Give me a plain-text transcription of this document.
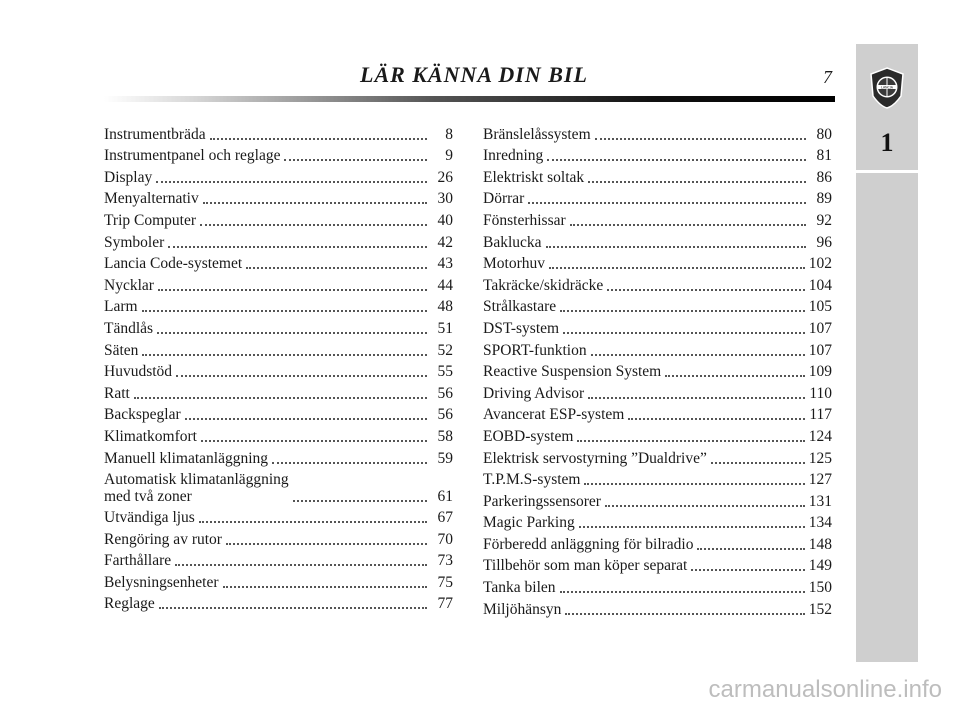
LÄR KÄNNA DIN BIL	7
LANCIA
1
Instrumentbräda	8
Instrumentpanel och reglage	9
Display	26
Menyalternativ	30
Trip Computer	40
Symboler	42
Lancia Code-systemet	43
Nycklar	44
Larm	48
Tändlås	51
Säten	52
Huvudstöd	55
Ratt	56
Backspeglar	56
Klimatkomfort	58
Manuell klimatanläggning	59
Automatisk klimatanläggning
med två zoner	61
Utvändiga ljus	67
Rengöring av rutor	70
Farthållare	73
Belysningsenheter	75
Reglage	77
Bränslelåssystem	80
Inredning	81
Elektriskt soltak	86
Dörrar	89
Fönsterhissar	92
Baklucka	96
Motorhuv	102
Takräcke/skidräcke	104
Strålkastare	105
DST-system	107
SPORT-funktion	107
Reactive Suspension System	109
Driving Advisor	110
Avancerat ESP-system	117
EOBD-system	124
Elektrisk servostyrning ”Dualdrive”	125
T.P.M.S-system	127
Parkeringssensorer	131
Magic Parking	134
Förberedd anläggning för bilradio	148
Tillbehör som man köper separat	149
Tanka bilen	150
Miljöhänsyn	152
carmanualsonline.info
